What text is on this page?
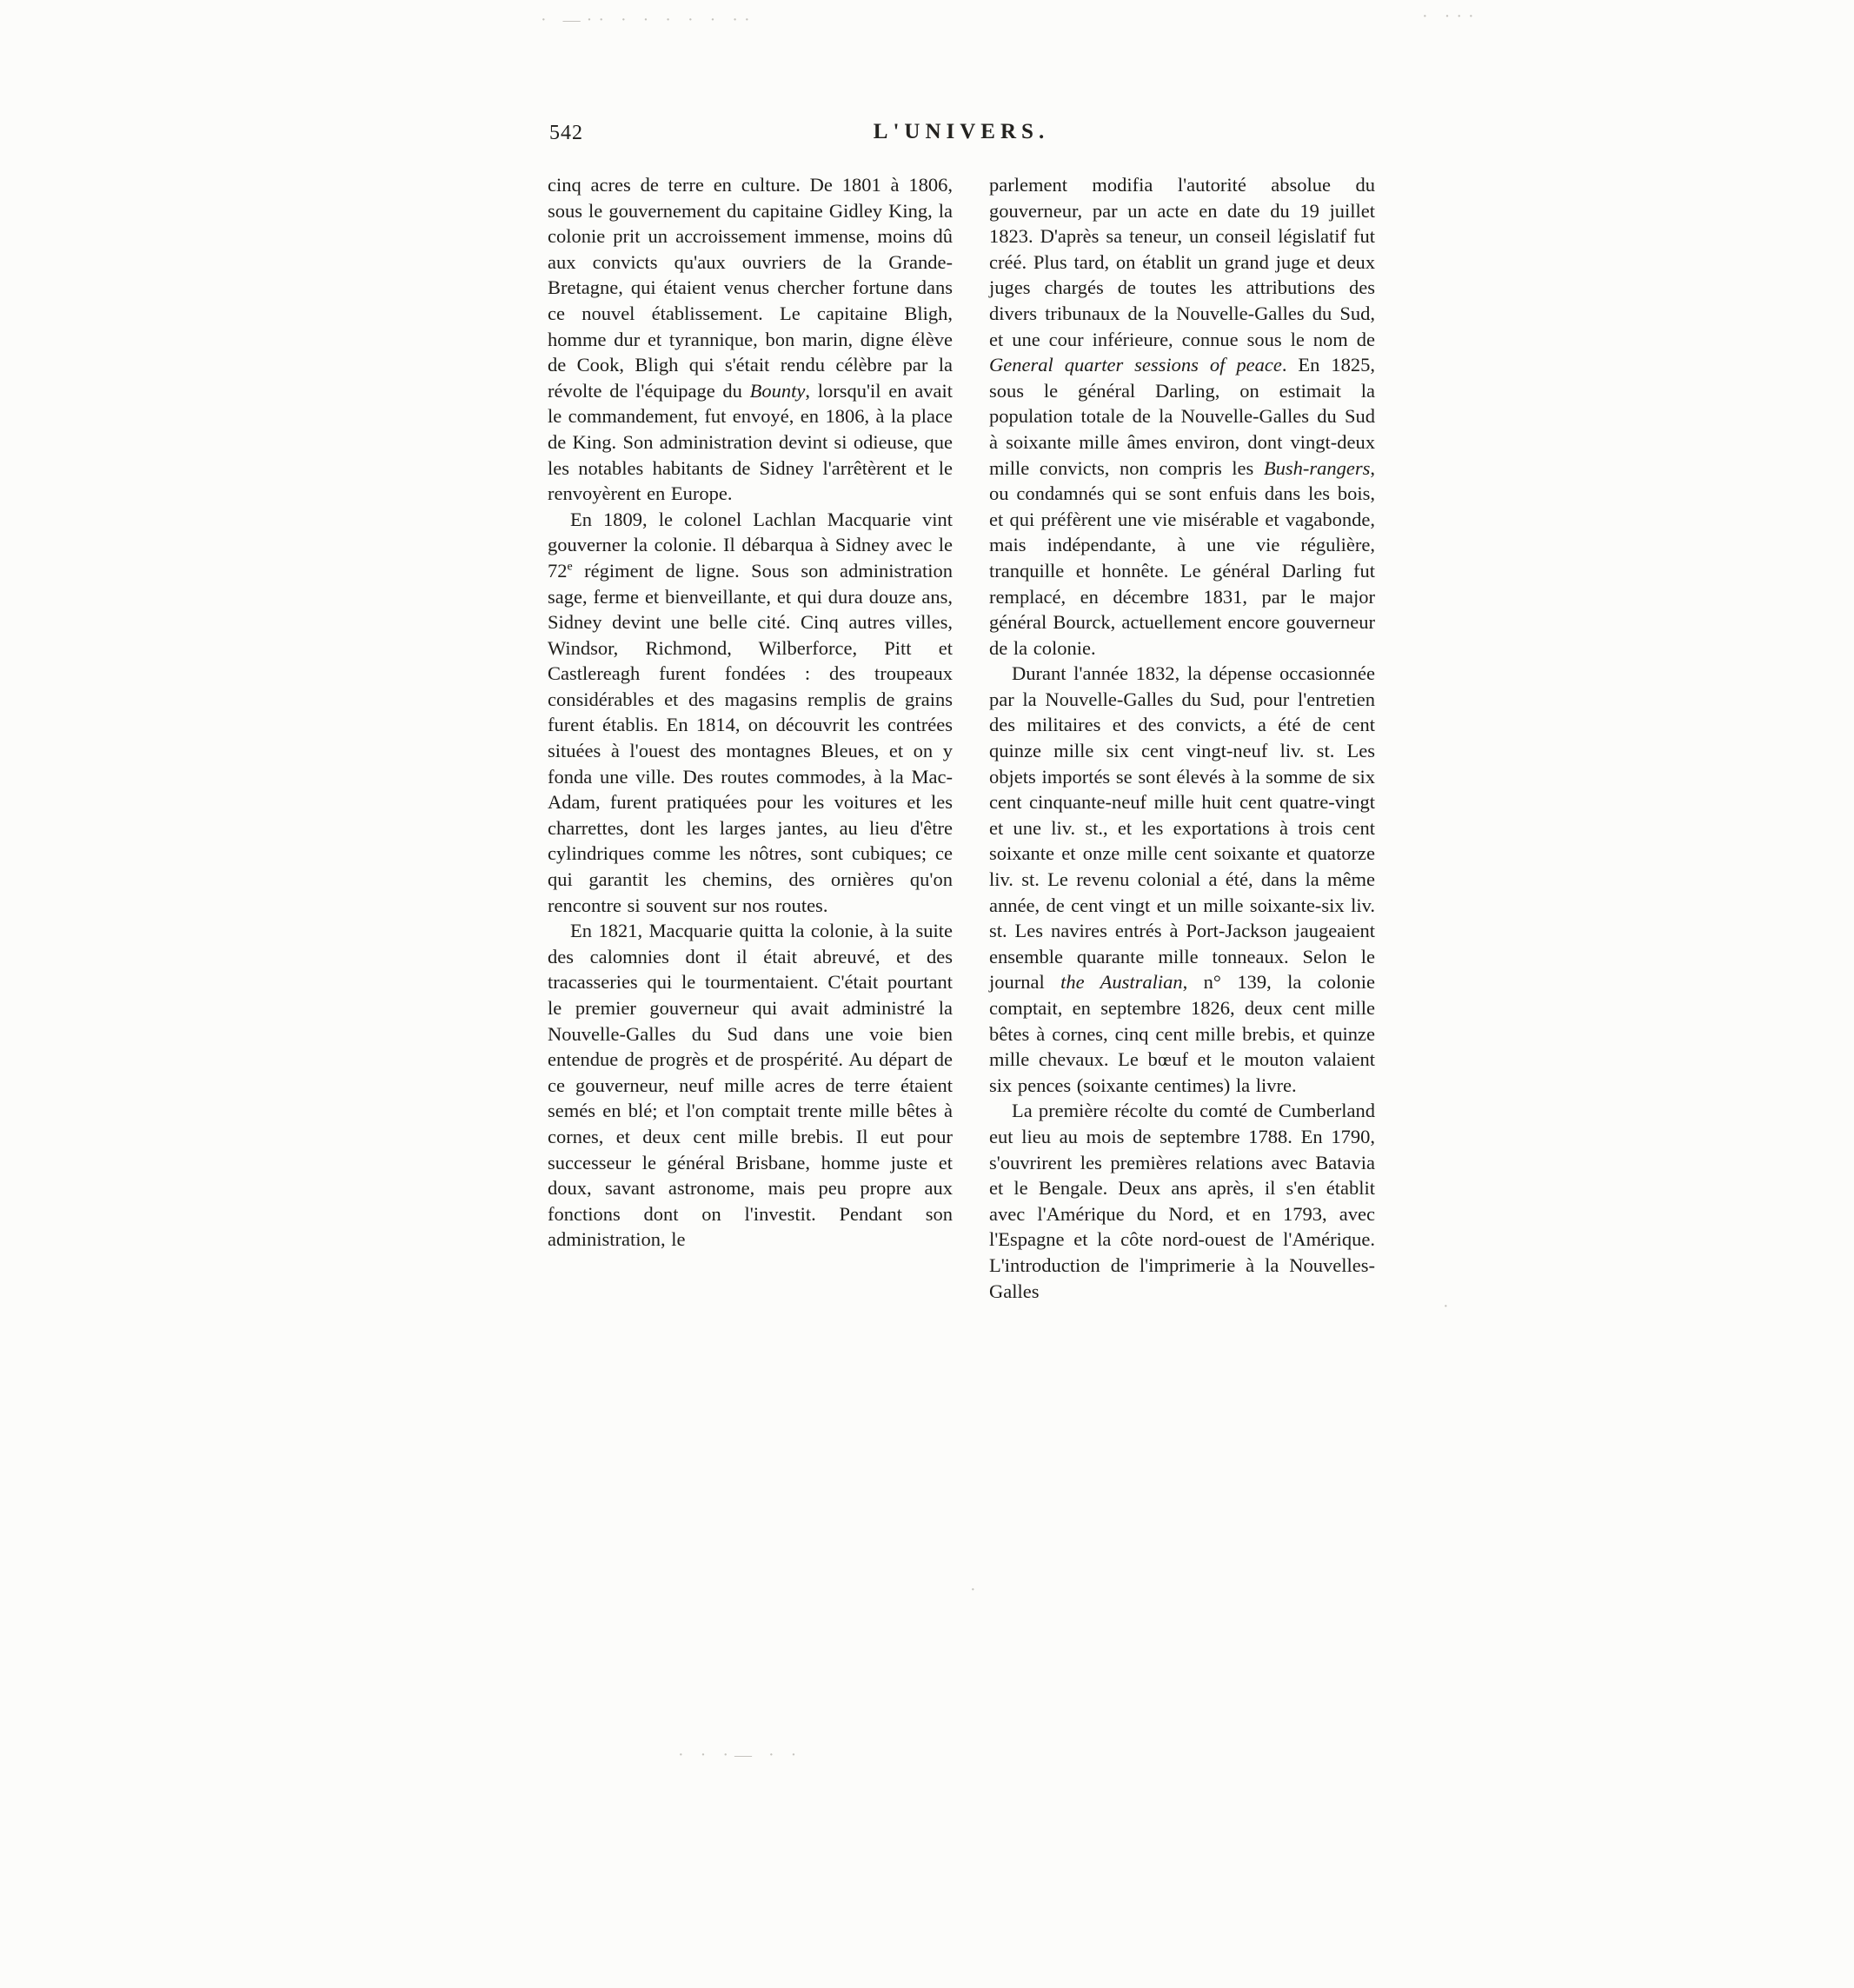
· ―·· · · · · · ··	· ···
· · ·― · ·
·
·
542	L'UNIVERS.

cinq acres de terre en culture. De 1801 à 1806, sous le gouvernement du capitaine Gidley King, la colonie prit un accroissement immense, moins dû aux convicts qu'aux ouvriers de la Grande-Bretagne, qui étaient venus chercher fortune dans ce nouvel établissement. Le capitaine Bligh, homme dur et tyrannique, bon marin, digne élève de Cook, Bligh qui s'était rendu célèbre par la révolte de l'équipage du Bounty, lorsqu'il en avait le commandement, fut envoyé, en 1806, à la place de King. Son administration devint si odieuse, que les notables habitants de Sidney l'arrêtèrent et le renvoyèrent en Europe.

En 1809, le colonel Lachlan Macquarie vint gouverner la colonie. Il débarqua à Sidney avec le 72e régiment de ligne. Sous son administration sage, ferme et bienveillante, et qui dura douze ans, Sidney devint une belle cité. Cinq autres villes, Windsor, Richmond, Wilberforce, Pitt et Castlereagh furent fondées : des troupeaux considérables et des magasins remplis de grains furent établis. En 1814, on découvrit les contrées situées à l'ouest des montagnes Bleues, et on y fonda une ville. Des routes commodes, à la Mac-Adam, furent pratiquées pour les voitures et les charrettes, dont les larges jantes, au lieu d'être cylindriques comme les nôtres, sont cubiques; ce qui garantit les chemins, des ornières qu'on rencontre si souvent sur nos routes.

En 1821, Macquarie quitta la colonie, à la suite des calomnies dont il était abreuvé, et des tracasseries qui le tourmentaient. C'était pourtant le premier gouverneur qui avait administré la Nouvelle-Galles du Sud dans une voie bien entendue de progrès et de prospérité. Au départ de ce gouverneur, neuf mille acres de terre étaient semés en blé; et l'on comptait trente mille bêtes à cornes, et deux cent mille brebis. Il eut pour successeur le général Brisbane, homme juste et doux, savant astronome, mais peu propre aux fonctions dont on l'investit. Pendant son administration, le

parlement modifia l'autorité absolue du gouverneur, par un acte en date du 19 juillet 1823. D'après sa teneur, un conseil législatif fut créé. Plus tard, on établit un grand juge et deux juges chargés de toutes les attributions des divers tribunaux de la Nouvelle-Galles du Sud, et une cour inférieure, connue sous le nom de General quarter sessions of peace. En 1825, sous le général Darling, on estimait la population totale de la Nouvelle-Galles du Sud à soixante mille âmes environ, dont vingt-deux mille convicts, non compris les Bush-rangers, ou condamnés qui se sont enfuis dans les bois, et qui préfèrent une vie misérable et vagabonde, mais indépendante, à une vie régulière, tranquille et honnête. Le général Darling fut remplacé, en décembre 1831, par le major général Bourck, actuellement encore gouverneur de la colonie.

Durant l'année 1832, la dépense occasionnée par la Nouvelle-Galles du Sud, pour l'entretien des militaires et des convicts, a été de cent quinze mille six cent vingt-neuf liv. st. Les objets importés se sont élevés à la somme de six cent cinquante-neuf mille huit cent quatre-vingt et une liv. st., et les exportations à trois cent soixante et onze mille cent soixante et quatorze liv. st. Le revenu colonial a été, dans la même année, de cent vingt et un mille soixante-six liv. st. Les navires entrés à Port-Jackson jaugeaient ensemble quarante mille tonneaux. Selon le journal the Australian, n° 139, la colonie comptait, en septembre 1826, deux cent mille bêtes à cornes, cinq cent mille brebis, et quinze mille chevaux. Le bœuf et le mouton valaient six pences (soixante centimes) la livre.

La première récolte du comté de Cumberland eut lieu au mois de septembre 1788. En 1790, s'ouvrirent les premières relations avec Batavia et le Bengale. Deux ans après, il s'en établit avec l'Amérique du Nord, et en 1793, avec l'Espagne et la côte nord-ouest de l'Amérique. L'introduction de l'imprimerie à la Nouvelles-Galles
